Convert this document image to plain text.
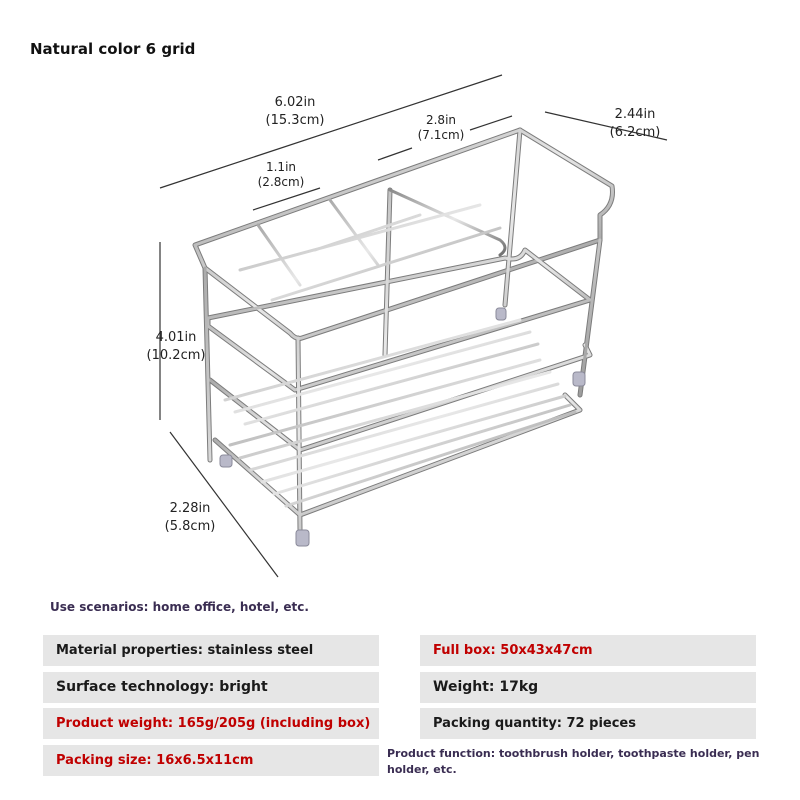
Natural color 6 grid
6.02in
(15.3cm)	2.8in
(7.1cm)
1.1in
(2.8cm)
2.44in
(6.2cm)
4.01in
(10.2cm)
2.28in
(5.8cm)
Use scenarios: home office, hotel, etc.
Material properties: stainless steel	Full box: 50x43x47cm
Surface technology: bright	Weight: 17kg
Product weight: 165g/205g (including box)	Packing quantity: 72 pieces
Packing size: 16x6.5x11cm	Product function: toothbrush holder, toothpaste holder, pen holder, etc.
